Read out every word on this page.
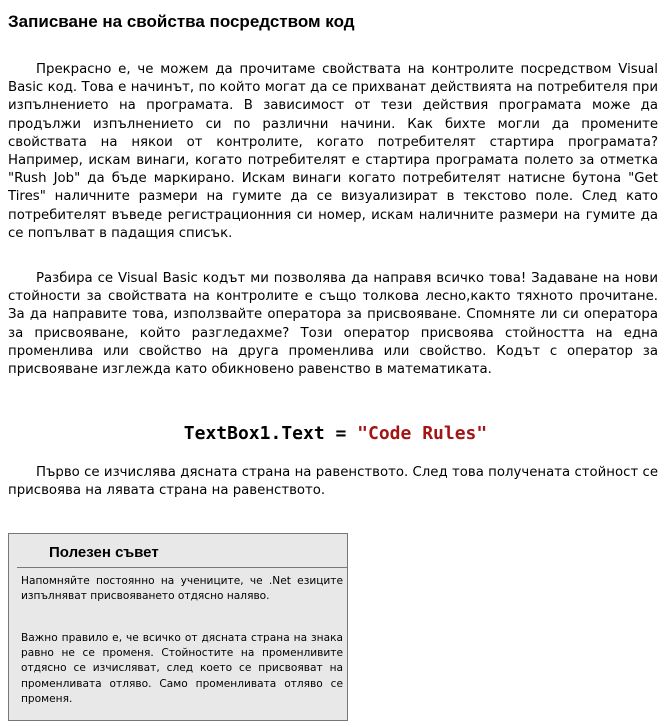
Записване на свойства посредством код

Прекрасно е, че можем да прочитаме свойствата на контролите посредством Visual Basic код. Това е начинът, по който могат да се прихванат действията на потребителя при изпълнението на програмата. В зависимост от тези действия програмата може да продължи изпълнението си по различни начини. Как бихте могли да промените свойствата на някои от контролите, когато потребителят стартира програмата? Например, искам винаги, когато потребителят е стартира програмата полето за отметка "Rush Job" да бъде маркирано. Искам винаги когато потребителят натисне бутона "Get Tires" наличните размери на гумите да се визуализират в текстово поле. След като потребителят въведе регистрационния си номер, искам наличните размери на гумите да се попълват в падащия списък.

Разбира се Visual Basic кодът ми позволява да направя всичко това! Задаване на нови стойности за свойствата на контролите е също толкова лесно,както тяхното прочитане. За да направите това, използвайте оператора за присвояване. Спомняте ли си оператора за присвояване, който разгледахме? Този оператор присвоява стойността на една променлива или свойство на друга променлива или свойство. Кодът с оператор за присвояване изглежда като обикновено равенство в математиката.

TextBox1.Text = "Code Rules"

Първо се изчислява дясната страна на равенството. След това получената стойност се присвоява на лявата страна на равенството.

Полезен съвет

Напомняйте постоянно на учениците, че .Net езиците изпълняват присвояването отдясно наляво.

Важно правило е, че всичко от дясната страна на знака равно не се променя. Стойностите на променливите отдясно се изчисляват, след което се присвояват на променливата отляво. Само променливата отляво се променя.
